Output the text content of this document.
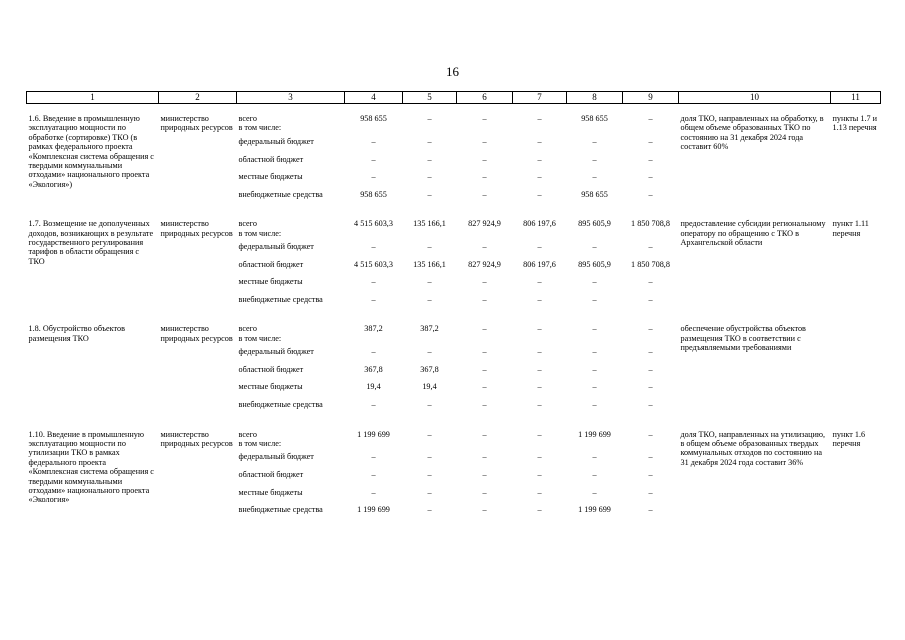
16
1	2	3	4	5	6	7	8	9	10	11

1.6. Введение в промышленную эксплуатацию мощности по обработке (сортировке) ТКО (в рамках федерального проекта «Комплексная система обращения с твердыми коммунальными отходами» национального проекта «Экология»)	министерство природных ресурсов	всего
в том числе:	958 655	–	–	–	958 655	–	доля ТКО, направленных на обработку, в общем объеме образованных ТКО по состоянию на 31 декабря 2024 года составит 60%	пункты 1.7 и 1.13 перечня

		федеральный бюджет	–	–	–	–	–	–		

		областной бюджет	–	–	–	–	–	–		

		местные бюджеты	–	–	–	–	–	–		

		внебюджетные средства	958 655	–	–	–	958 655	–		

1.7. Возмещение не дополученных доходов, возникающих в результате государственного регулирования тарифов в области обращения с ТКО	министерство природных ресурсов	всего
в том числе:	4 515 603,3	135 166,1	827 924,9	806 197,6	895 605,9	1 850 708,8	предоставление субсидии региональному оператору по обращению с ТКО в Архангельской области	пункт 1.11 перечня

		федеральный бюджет	–	–	–	–	–	–		

		областной бюджет	4 515 603,3	135 166,1	827 924,9	806 197,6	895 605,9	1 850 708,8		

		местные бюджеты	–	–	–	–	–	–		

		внебюджетные средства	–	–	–	–	–	–		

1.8. Обустройство объектов размещения ТКО	министерство природных ресурсов	всего
в том числе:	387,2	387,2	–	–	–	–	обеспечение обустройства объектов размещения ТКО в соответствии с предъявляемыми требованиями	

		федеральный бюджет	–	–	–	–	–	–		

		областной бюджет	367,8	367,8	–	–	–	–		

		местные бюджеты	19,4	19,4	–	–	–	–		

		внебюджетные средства	–	–	–	–	–	–		

1.10. Введение в промышленную эксплуатацию мощности по утилизации ТКО в рамках федерального проекта «Комплексная система обращения с твердыми коммунальными отходами» национального проекта «Экология»	министерство природных ресурсов	всего
в том числе:	1 199 699	–	–	–	1 199 699	–	доля ТКО, направленных на утилизацию, в общем объеме образованных твердых коммунальных отходов по состоянию на 31 декабря 2024 года составит 36%	пункт 1.6 перечня

		федеральный бюджет	–	–	–	–	–	–		

		областной бюджет	–	–	–	–	–	–		

		местные бюджеты	–	–	–	–	–	–		

		внебюджетные средства	1 199 699	–	–	–	1 199 699	–		
